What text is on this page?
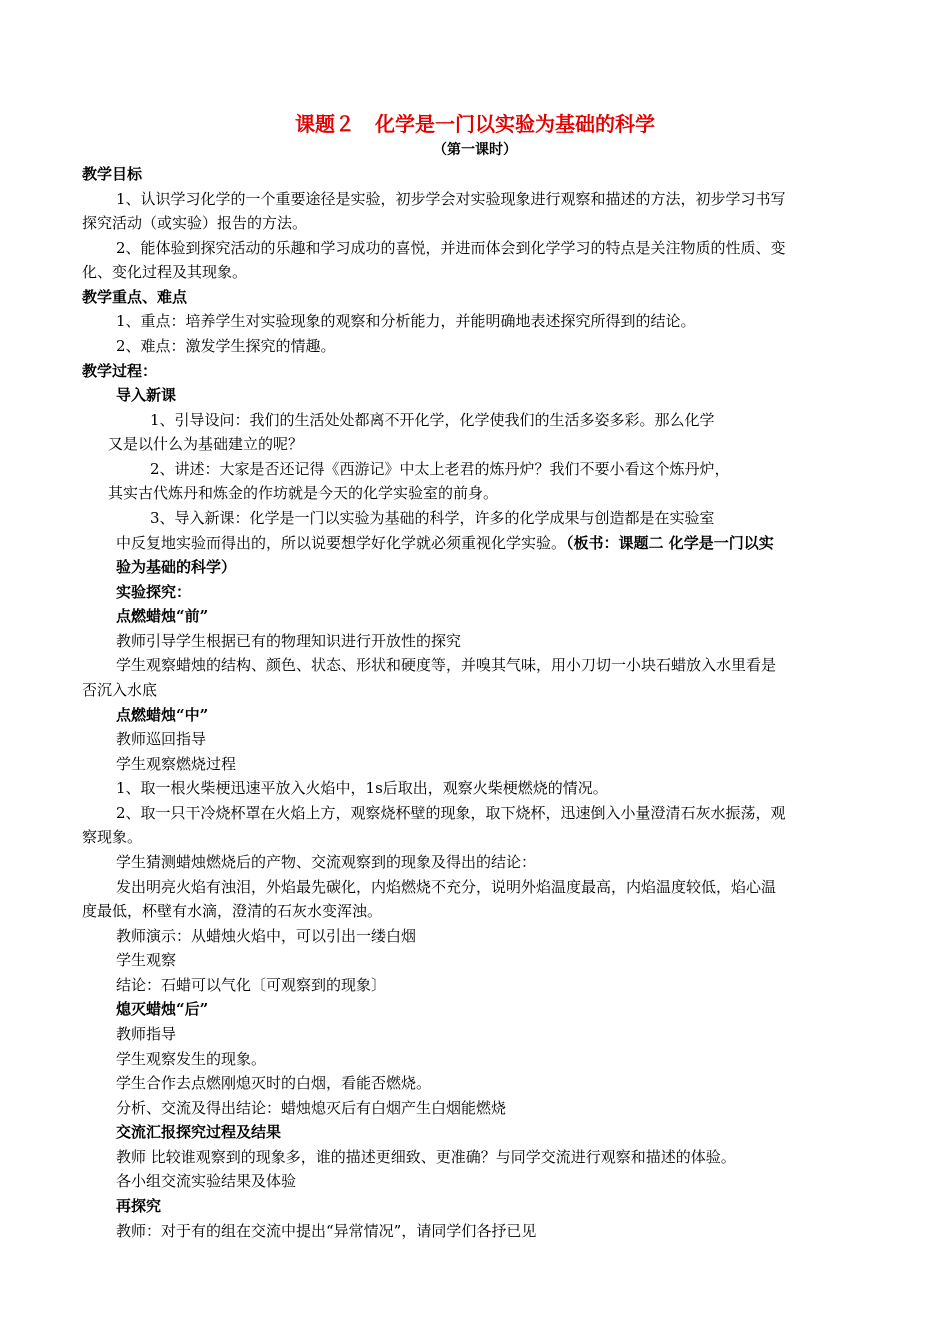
课题２　化学是一门以实验为基础的科学
（第一课时）
教学目标
1、认识学习化学的一个重要途径是实验，初步学会对实验现象进行观察和描述的方法，初步学习书写
探究活动（或实验）报告的方法。
2、能体验到探究活动的乐趣和学习成功的喜悦，并进而体会到化学学习的特点是关注物质的性质、变
化、变化过程及其现象。
教学重点、难点
1、重点：培养学生对实验现象的观察和分析能力，并能明确地表述探究所得到的结论。
2、难点：激发学生探究的情趣。
教学过程：
导入新课
1、引导设问：我们的生活处处都离不开化学，化学使我们的生活多姿多彩。那么化学
又是以什么为基础建立的呢？
2、讲述：大家是否还记得《西游记》中太上老君的炼丹炉？我们不要小看这个炼丹炉，
其实古代炼丹和炼金的作坊就是今天的化学实验室的前身。
3、导入新课：化学是一门以实验为基础的科学，许多的化学成果与创造都是在实验室
中反复地实验而得出的，所以说要想学好化学就必须重视化学实验。（板书：课题二 化学是一门以实
验为基础的科学）
实验探究：
点燃蜡烛“前”
教师引导学生根据已有的物理知识进行开放性的探究
学生观察蜡烛的结构、颜色、状态、形状和硬度等，并嗅其气味，用小刀切一小块石蜡放入水里看是
否沉入水底
点燃蜡烛“中”
教师巡回指导
学生观察燃烧过程
1、取一根火柴梗迅速平放入火焰中，1s后取出，观察火柴梗燃烧的情况。
2、取一只干冷烧杯罩在火焰上方，观察烧杯壁的现象，取下烧杯，迅速倒入小量澄清石灰水振荡，观
察现象。
学生猜测蜡烛燃烧后的产物、交流观察到的现象及得出的结论：
发出明亮火焰有浊泪，外焰最先碳化，内焰燃烧不充分，说明外焰温度最高，内焰温度较低，焰心温
度最低，杯壁有水滴，澄清的石灰水变浑浊。
教师演示：从蜡烛火焰中，可以引出一缕白烟
学生观察
结论：石蜡可以气化〔可观察到的现象〕
熄灭蜡烛“后”
教师指导
学生观察发生的现象。
学生合作去点燃刚熄灭时的白烟，看能否燃烧。
分析、交流及得出结论：蜡烛熄灭后有白烟产生白烟能燃烧
交流汇报探究过程及结果
教师 比较谁观察到的现象多，谁的描述更细致、更准确？与同学交流进行观察和描述的体验。
各小组交流实验结果及体验
再探究
教师：对于有的组在交流中提出“异常情况”，请同学们各抒已见
